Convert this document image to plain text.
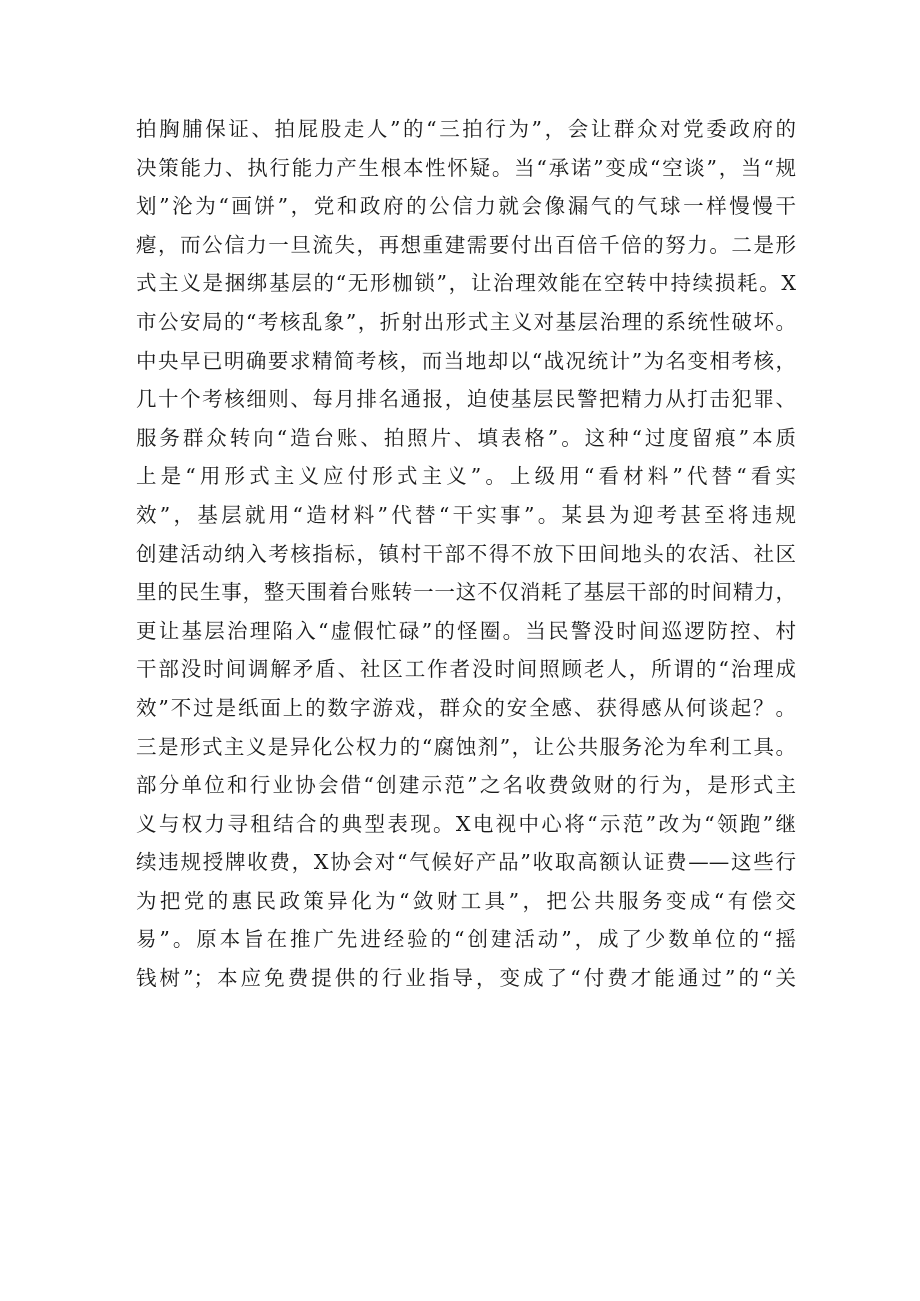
拍胸脯保证、拍屁股走人”的“三拍行为”，会让群众对党委政府的
决策能力、执行能力产生根本性怀疑。当“承诺”变成“空谈”，当“规
划”沦为“画饼”，党和政府的公信力就会像漏气的气球一样慢慢干
瘪，而公信力一旦流失，再想重建需要付出百倍千倍的努力。二是形
式主义是捆绑基层的“无形枷锁”，让治理效能在空转中持续损耗。X
市公安局的“考核乱象”，折射出形式主义对基层治理的系统性破坏。
中央早已明确要求精简考核，而当地却以“战况统计”为名变相考核，
几十个考核细则、每月排名通报，迫使基层民警把精力从打击犯罪、
服务群众转向“造台账、拍照片、填表格”。这种“过度留痕”本质
上是“用形式主义应付形式主义”。上级用“看材料”代替“看实
效”，基层就用“造材料”代替“干实事”。某县为迎考甚至将违规
创建活动纳入考核指标，镇村干部不得不放下田间地头的农活、社区
里的民生事，整天围着台账转一一这不仅消耗了基层干部的时间精力，
更让基层治理陷入“虚假忙碌”的怪圈。当民警没时间巡逻防控、村
干部没时间调解矛盾、社区工作者没时间照顾老人，所谓的“治理成
效”不过是纸面上的数字游戏，群众的安全感、获得感从何谈起？。
三是形式主义是异化公权力的“腐蚀剂”，让公共服务沦为牟利工具。
部分单位和行业协会借“创建示范”之名收费敛财的行为，是形式主
义与权力寻租结合的典型表现。X电视中心将“示范”改为“领跑”继
续违规授牌收费，X协会对“气候好产品”收取高额认证费——这些行
为把党的惠民政策异化为“敛财工具”，把公共服务变成“有偿交
易”。原本旨在推广先进经验的“创建活动”，成了少数单位的“摇
钱树”；本应免费提供的行业指导，变成了“付费才能通过”的“关
